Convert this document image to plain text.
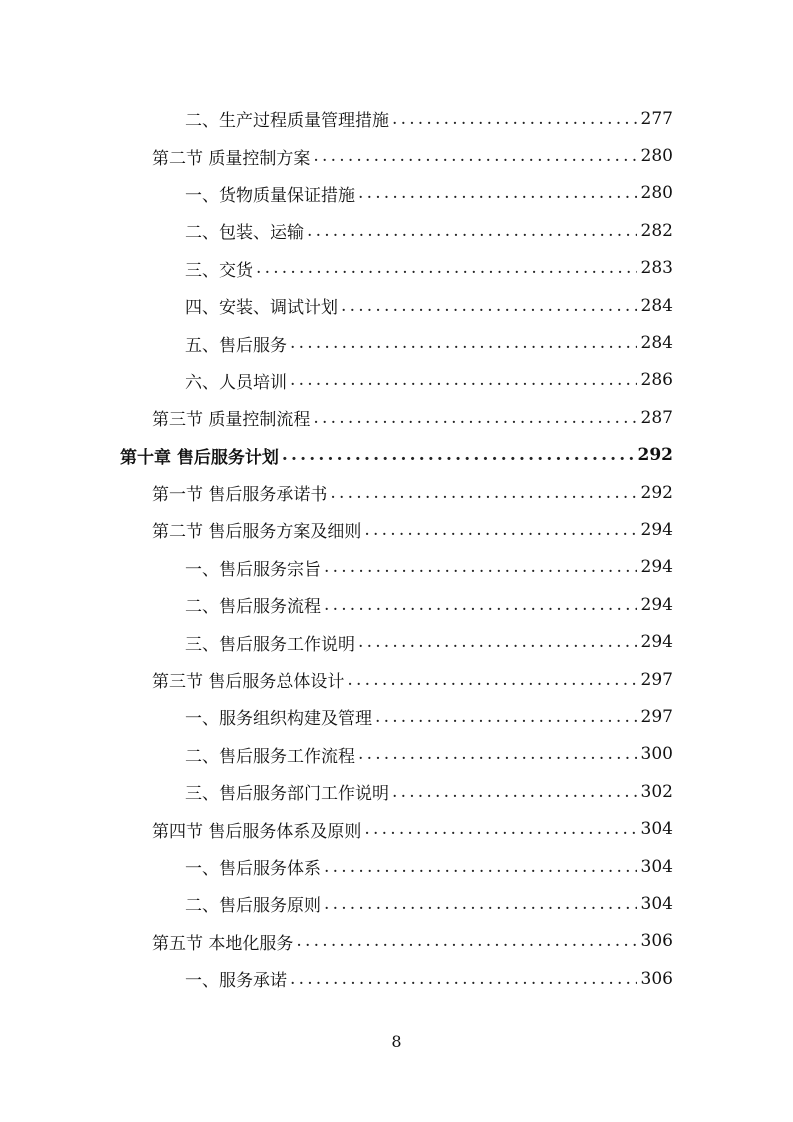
二、生产过程质量管理措施 .....	277
第二节 质量控制方案 .....	280
一、货物质量保证措施 .....	280
二、包装、运输 .....	282
三、交货 .....	283
四、安装、调试计划 .....	284
五、售后服务 .....	284
六、人员培训 .....	286
第三节 质量控制流程 .....	287
第十章 售后服务计划 .....	292
第一节 售后服务承诺书 .....	292
第二节 售后服务方案及细则 .....	294
一、售后服务宗旨 .....	294
二、售后服务流程 .....	294
三、售后服务工作说明 .....	294
第三节 售后服务总体设计 .....	297
一、服务组织构建及管理 .....	297
二、售后服务工作流程 .....	300
三、售后服务部门工作说明 .....	302
第四节 售后服务体系及原则 .....	304
一、售后服务体系 .....	304
二、售后服务原则 .....	304
第五节 本地化服务 .....	306
一、服务承诺 .....	306
8
